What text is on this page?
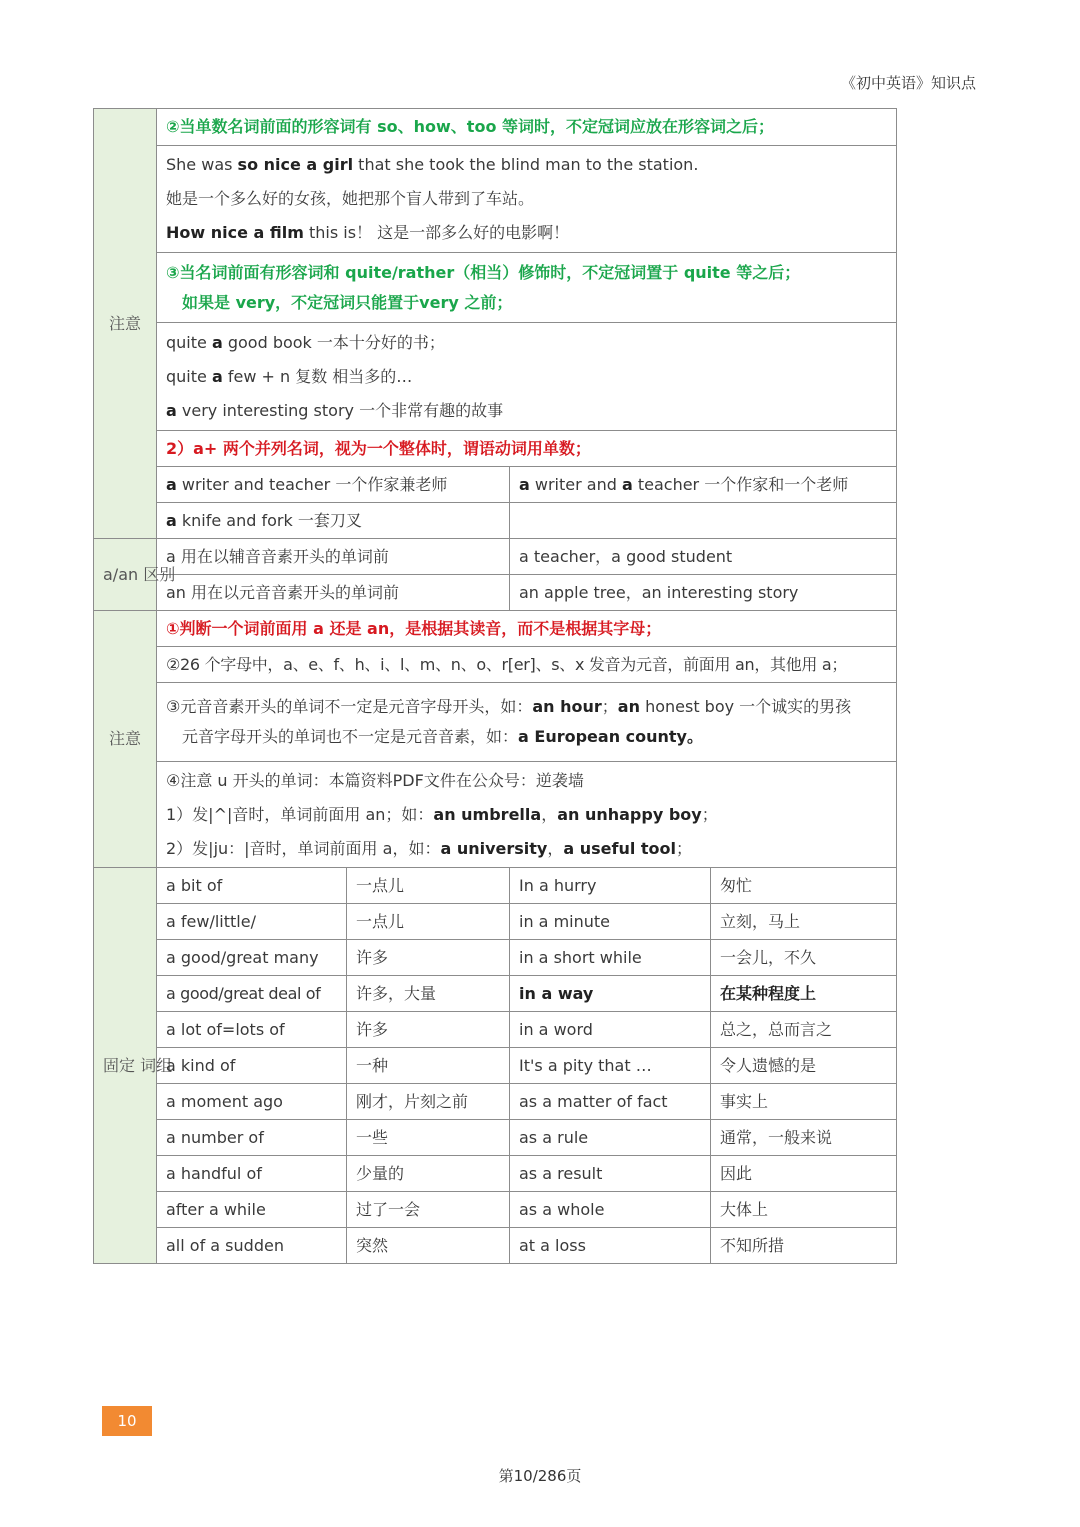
《初中英语》知识点
注意	②当单数名词前面的形容词有 so、how、too 等词时，不定冠词应放在形容词之后；			

	She was so nice a girl that she took the blind man to the station.
她是一个多么好的女孩，她把那个盲人带到了车站。
How nice a film this is！ 这是一部多么好的电影啊！			

	③当名词前面有形容词和 quite/rather（相当）修饰时，不定冠词置于 quite 等之后；
如果是 very，不定冠词只能置于very 之前；			

	quite a good book 一本十分好的书；
quite a few + n 复数 相当多的…
a very interesting story 一个非常有趣的故事			

	2）a+ 两个并列名词，视为一个整体时，谓语动词用单数；			
	a writer and teacher 一个作家兼老师		a writer and a teacher 一个作家和一个老师	
	a knife and fork 一套刀叉			
a/an 区别	a 用在以辅音音素开头的单词前		a teacher，a good student	
	an 用在以元音音素开头的单词前		an apple tree，an interesting story	
注意	①判断一个词前面用 a 还是 an，是根据其读音，而不是根据其字母；			
	②26 个字母中，a、e、f、h、i、l、m、n、o、r[er]、s、x 发音为元音，前面用 an，其他用 a；			

	③元音音素开头的单词不一定是元音字母开头，如：an hour；an honest boy 一个诚实的男孩
元音字母开头的单词也不一定是元音音素，如：a European county。			

	④注意 u 开头的单词：本篇资料PDF文件在公众号：逆袭墙
1）发|^|音时，单词前面用 an；如：an umbrella，an unhappy boy；
2）发|ju：|音时，单词前面用 a，如：a university，a useful tool；			

固定 词组	a bit of	一点儿	In a hurry	匆忙
	a few/little/	一点儿	in a minute	立刻，马上
	a good/great many	许多	in a short while	一会儿，不久
	a good/great deal of	许多，大量	in a way	在某种程度上
	a lot of=lots of	许多	in a word	总之，总而言之
	a kind of	一种	It's a pity that …	令人遗憾的是
	a moment ago	刚才，片刻之前	as a matter of fact	事实上
	a number of	一些	as a rule	通常，一般来说
	a handful of	少量的	as a result	因此
	after a while	过了一会	as a whole	大体上
	all of a sudden	突然	at a loss	不知所措
10
第10/286页
